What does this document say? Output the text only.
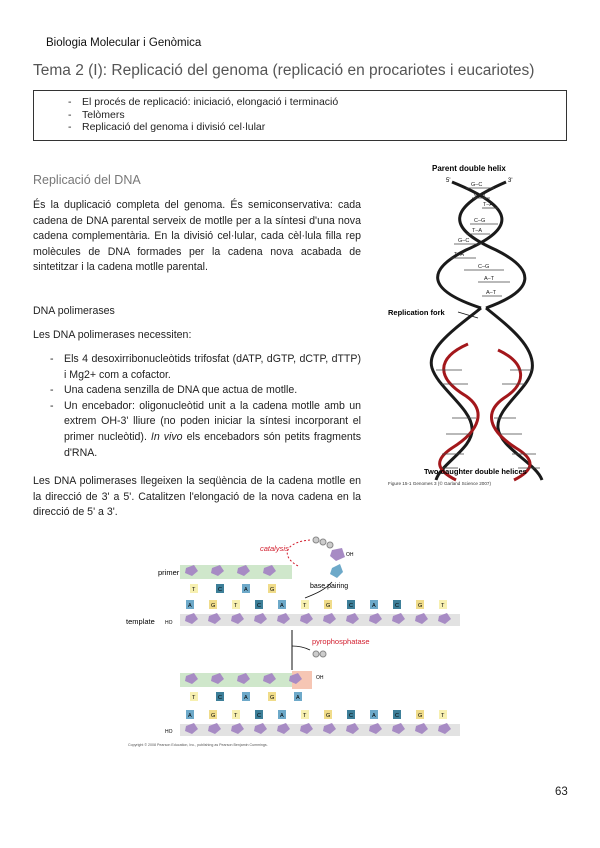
Biologia Molecular i Genòmica
Tema 2 (I): Replicació del genoma (replicació en procariotes i eucariotes)
- El procés de replicació: iniciació, elongació i terminació
- Telòmers
- Replicació del genoma i divisió cel·lular
Replicació del DNA
És la duplicació completa del genoma. És semiconservativa: cada cadena de DNA parental serveix de motlle per a la síntesi d'una nova cadena complementària. En la divisió cel·lular, cada cèl·lula filla rep molècules de DNA formades per la cadena nova acabada de sintetitzar i la cadena motlle parental.
DNA polimerases
Les DNA polimerases necessiten:
- Els 4 desoxirribonucleòtids trifosfat (dATP, dGTP, dCTP, dTTP) i Mg2+ com a cofactor.
- Una cadena senzilla de DNA que actua de motlle.
- Un encebador: oligonucleòtid unit a la cadena motlle amb un extrem OH-3' lliure (no poden iniciar la síntesi incorporant el primer nucleòtid). In vivo els encebadors són petits fragments d'RNA.
Les DNA polimerases llegeixen la seqüència de la cadena motlle en la direcció de 3' a 5'. Catalitzen l'elongació de la nova cadena en la direcció de 5' a 3'.
Parent double helix
5'	3'
G–C
C–G
T–A
C–G
T–A
G–C
T–A
C–G
A–T
A–T
Replication fork
Two daughter double helices
Figure 15-1 Genomes 3 (© Garland Science 2007)
catalysis
OH
base pairing
primer
template
T	C	A	G
A	G	T	C	A	T	G	C	A	C	G	T
pyrophosphatase
OH
HO
HO
T	C	A	G	A
A	G	T	C	A	T	G	C	A	C	G	T
Copyright © 2008 Pearson Education, Inc., publishing as Pearson Benjamin Cummings.
63
